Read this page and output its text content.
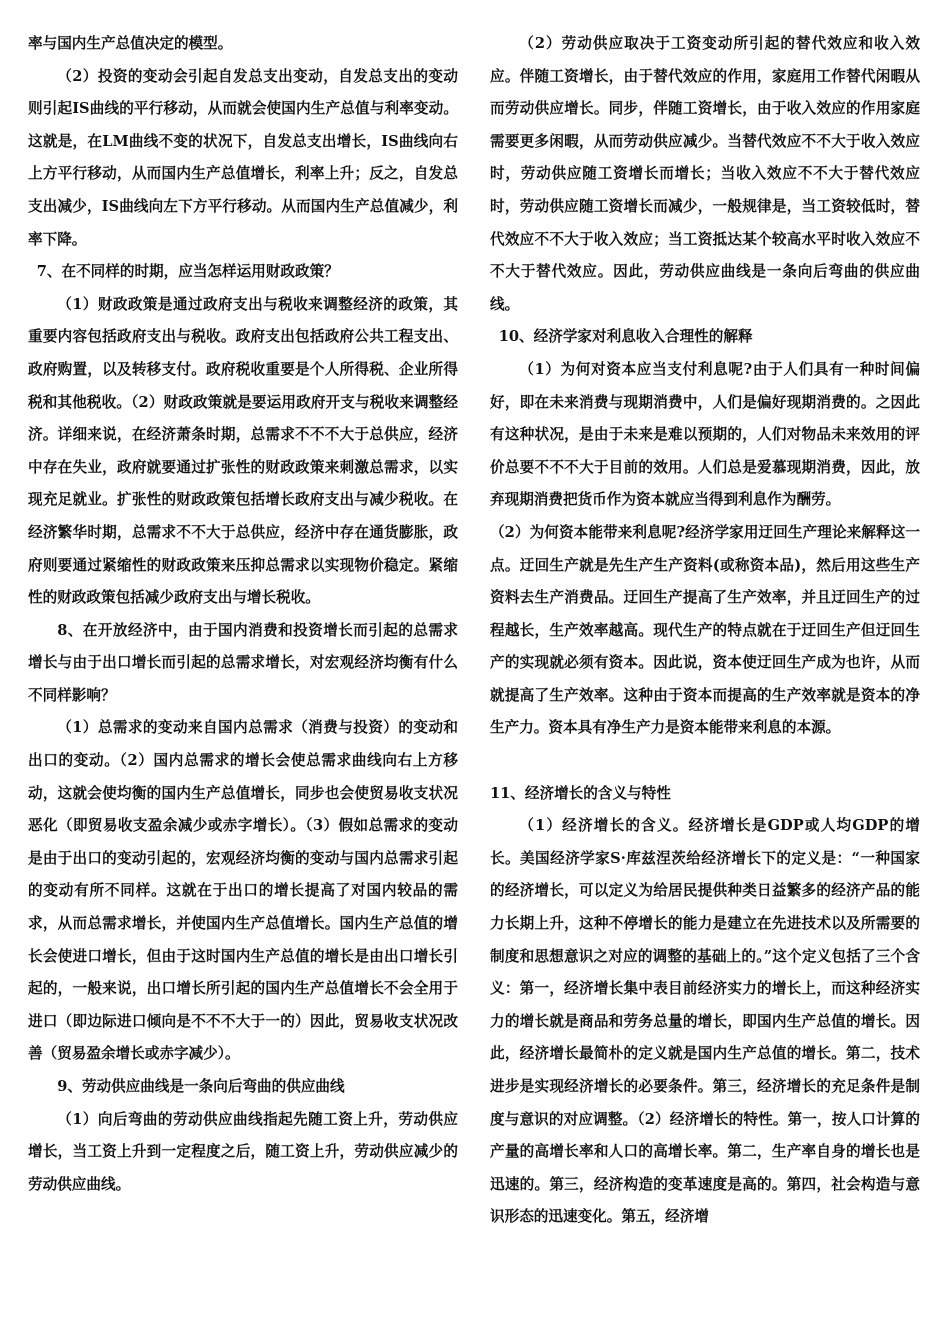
率与国内生产总值决定的模型。

（2）投资的变动会引起自发总支出变动，自发总支出的变动则引起IS曲线的平行移动，从而就会使国内生产总值与利率变动。这就是，在LM曲线不变的状况下，自发总支出增长，IS曲线向右上方平行移动，从而国内生产总值增长，利率上升；反之，自发总支出减少，IS曲线向左下方平行移动。从而国内生产总值减少，利率下降。

7、在不同样的时期，应当怎样运用财政政策？

（1）财政政策是通过政府支出与税收来调整经济的政策，其重要内容包括政府支出与税收。政府支出包括政府公共工程支出、政府购置，以及转移支付。政府税收重要是个人所得税、企业所得税和其他税收。（2）财政政策就是要运用政府开支与税收来调整经济。详细来说，在经济萧条时期，总需求不不不大于总供应，经济中存在失业，政府就要通过扩张性的财政政策来刺激总需求，以实现充足就业。扩张性的财政政策包括增长政府支出与减少税收。在经济繁华时期，总需求不不大于总供应，经济中存在通货膨胀，政府则要通过紧缩性的财政政策来压抑总需求以实现物价稳定。紧缩性的财政政策包括减少政府支出与增长税收。

8、在开放经济中，由于国内消费和投资增长而引起的总需求增长与由于出口增长而引起的总需求增长，对宏观经济均衡有什么不同样影响？

（1）总需求的变动来自国内总需求（消费与投资）的变动和出口的变动。（2）国内总需求的增长会使总需求曲线向右上方移动，这就会使均衡的国内生产总值增长，同步也会使贸易收支状况恶化（即贸易收支盈余减少或赤字增长）。（3）假如总需求的变动是由于出口的变动引起的，宏观经济均衡的变动与国内总需求引起的变动有所不同样。这就在于出口的增长提高了对国内较品的需求，从而总需求增长，并使国内生产总值增长。国内生产总值的增长会使进口增长，但由于这时国内生产总值的增长是由出口增长引起的，一般来说，出口增长所引起的国内生产总值增长不会全用于进口（即边际进口倾向是不不不大于一的）因此，贸易收支状况改善（贸易盈余增长或赤字减少）。

9、劳动供应曲线是一条向后弯曲的供应曲线

（1）向后弯曲的劳动供应曲线指起先随工资上升，劳动供应增长，当工资上升到一定程度之后，随工资上升，劳动供应减少的劳动供应曲线。

（2）劳动供应取决于工资变动所引起的替代效应和收入效应。伴随工资增长，由于替代效应的作用，家庭用工作替代闲暇从而劳动供应增长。同步，伴随工资增长，由于收入效应的作用家庭需要更多闲暇，从而劳动供应减少。当替代效应不不大于收入效应时，劳动供应随工资增长而增长；当收入效应不不大于替代效应时，劳动供应随工资增长而减少，一般规律是，当工资较低时，替代效应不不大于收入效应；当工资抵达某个较高水平时收入效应不不大于替代效应。因此，劳动供应曲线是一条向后弯曲的供应曲线。

10、经济学家对利息收入合理性的解释

（1）为何对资本应当支付利息呢?由于人们具有一种时间偏好，即在未来消费与现期消费中，人们是偏好现期消费的。之因此有这种状况，是由于未来是难以预期的，人们对物品未来效用的评价总要不不不大于目前的效用。人们总是爱慕现期消费，因此，放弃现期消费把货币作为资本就应当得到利息作为酬劳。

（2）为何资本能带来利息呢?经济学家用迂回生产理论来解释这一点。迂回生产就是先生产生产资料(或称资本品)，然后用这些生产资料去生产消费品。迂回生产提高了生产效率，并且迂回生产的过程越长，生产效率越高。现代生产的特点就在于迂回生产但迂回生产的实现就必须有资本。因此说，资本使迂回生产成为也许，从而就提高了生产效率。这种由于资本而提高的生产效率就是资本的净生产力。资本具有净生产力是资本能带来利息的本源。

11、经济增长的含义与特性

（1）经济增长的含义。经济增长是GDP或人均GDP的增长。美国经济学家S·库兹涅茨给经济增长下的定义是：“一种国家的经济增长，可以定义为给居民提供种类日益繁多的经济产品的能力长期上升，这种不停增长的能力是建立在先进技术以及所需要的制度和思想意识之对应的调整的基础上的。”这个定义包括了三个含义：第一，经济增长集中表目前经济实力的增长上，而这种经济实力的增长就是商品和劳务总量的增长，即国内生产总值的增长。因此，经济增长最简朴的定义就是国内生产总值的增长。第二，技术进步是实现经济增长的必要条件。第三，经济增长的充足条件是制度与意识的对应调整。（2）经济增长的特性。第一，按人口计算的产量的高增长率和人口的高增长率。第二，生产率自身的增长也是迅速的。第三，经济构造的变革速度是高的。第四，社会构造与意识形态的迅速变化。第五，经济增
